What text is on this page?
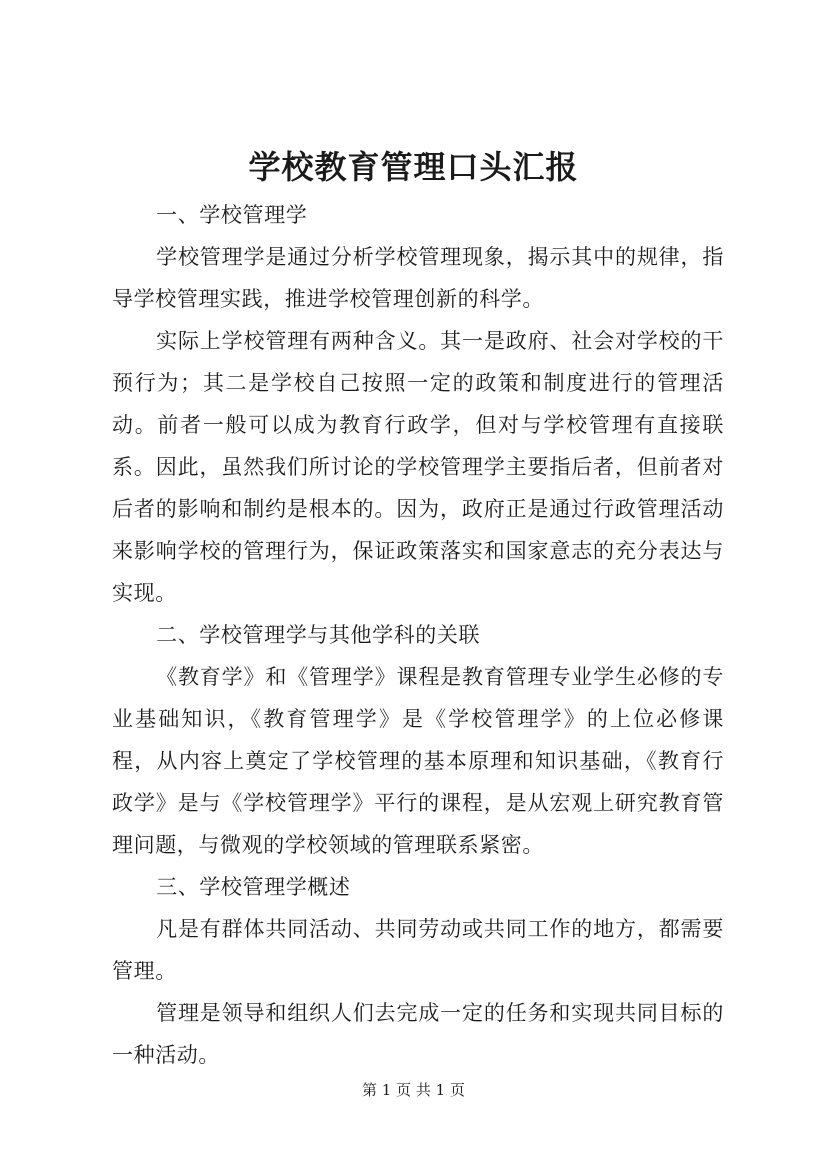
学校教育管理口头汇报

一、学校管理学

学校管理学是通过分析学校管理现象，揭示其中的规律，指导学校管理实践，推进学校管理创新的科学。

实际上学校管理有两种含义。其一是政府、社会对学校的干预行为；其二是学校自己按照一定的政策和制度进行的管理活动。前者一般可以成为教育行政学，但对与学校管理有直接联系。因此，虽然我们所讨论的学校管理学主要指后者，但前者对后者的影响和制约是根本的。因为，政府正是通过行政管理活动来影响学校的管理行为，保证政策落实和国家意志的充分表达与实现。

二、学校管理学与其他学科的关联

《教育学》和《管理学》课程是教育管理专业学生必修的专业基础知识，《教育管理学》是《学校管理学》的上位必修课程，从内容上奠定了学校管理的基本原理和知识基础，《教育行政学》是与《学校管理学》平行的课程，是从宏观上研究教育管理问题，与微观的学校领域的管理联系紧密。

三、学校管理学概述

凡是有群体共同活动、共同劳动或共同工作的地方，都需要管理。

管理是领导和组织人们去完成一定的任务和实现共同目标的一种活动。

第 1 页 共 1 页
